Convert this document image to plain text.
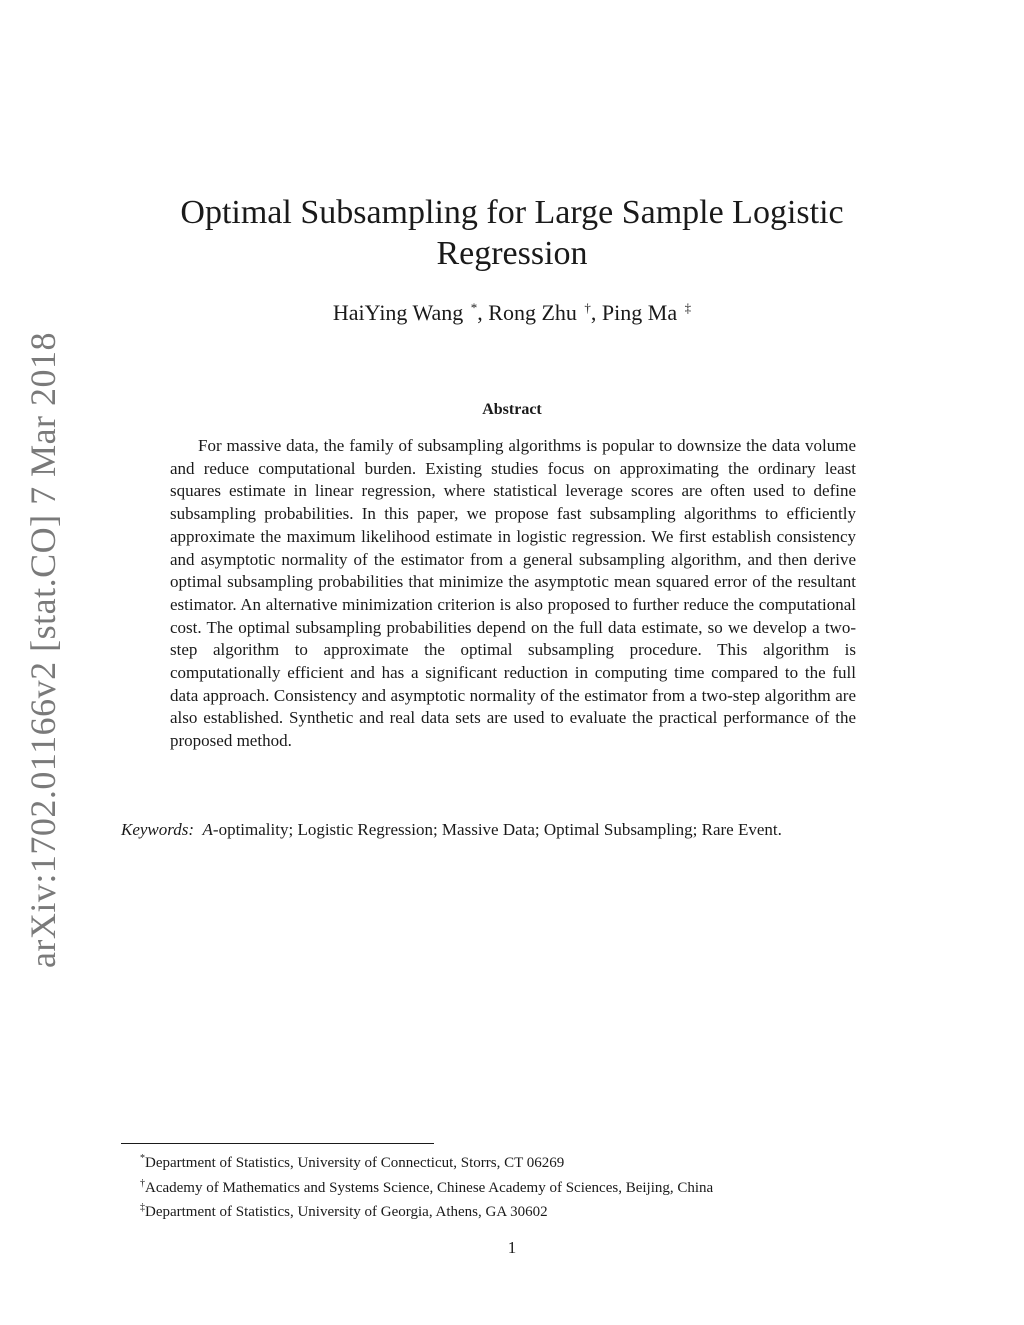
arXiv:1702.01166v2 [stat.CO] 7 Mar 2018
Optimal Subsampling for Large Sample Logistic
Regression
HaiYing Wang *, Rong Zhu †, Ping Ma ‡
Abstract

For massive data, the family of subsampling algorithms is popular to downsize the data volume and reduce computational burden. Existing studies focus on approximating the ordinary least squares estimate in linear regression, where statistical leverage scores are often used to define subsampling probabilities. In this paper, we propose fast subsampling algorithms to efficiently approximate the maximum likelihood estimate in logistic regression. We first establish consistency and asymptotic normality of the estimator from a general subsampling algorithm, and then derive optimal subsampling probabilities that minimize the asymptotic mean squared error of the resultant estimator. An alternative minimization criterion is also proposed to further reduce the computational cost. The optimal subsampling probabilities depend on the full data estimate, so we develop a two-step algorithm to approximate the optimal subsampling procedure. This algorithm is computationally efficient and has a significant reduction in computing time compared to the full data approach. Consistency and asymptotic normality of the estimator from a two-step algorithm are also established. Synthetic and real data sets are used to evaluate the practical performance of the proposed method.

Keywords: A-optimality; Logistic Regression; Massive Data; Optimal Subsampling; Rare Event.

*Department of Statistics, University of Connecticut, Storrs, CT 06269
†Academy of Mathematics and Systems Science, Chinese Academy of Sciences, Beijing, China
‡Department of Statistics, University of Georgia, Athens, GA 30602
1
